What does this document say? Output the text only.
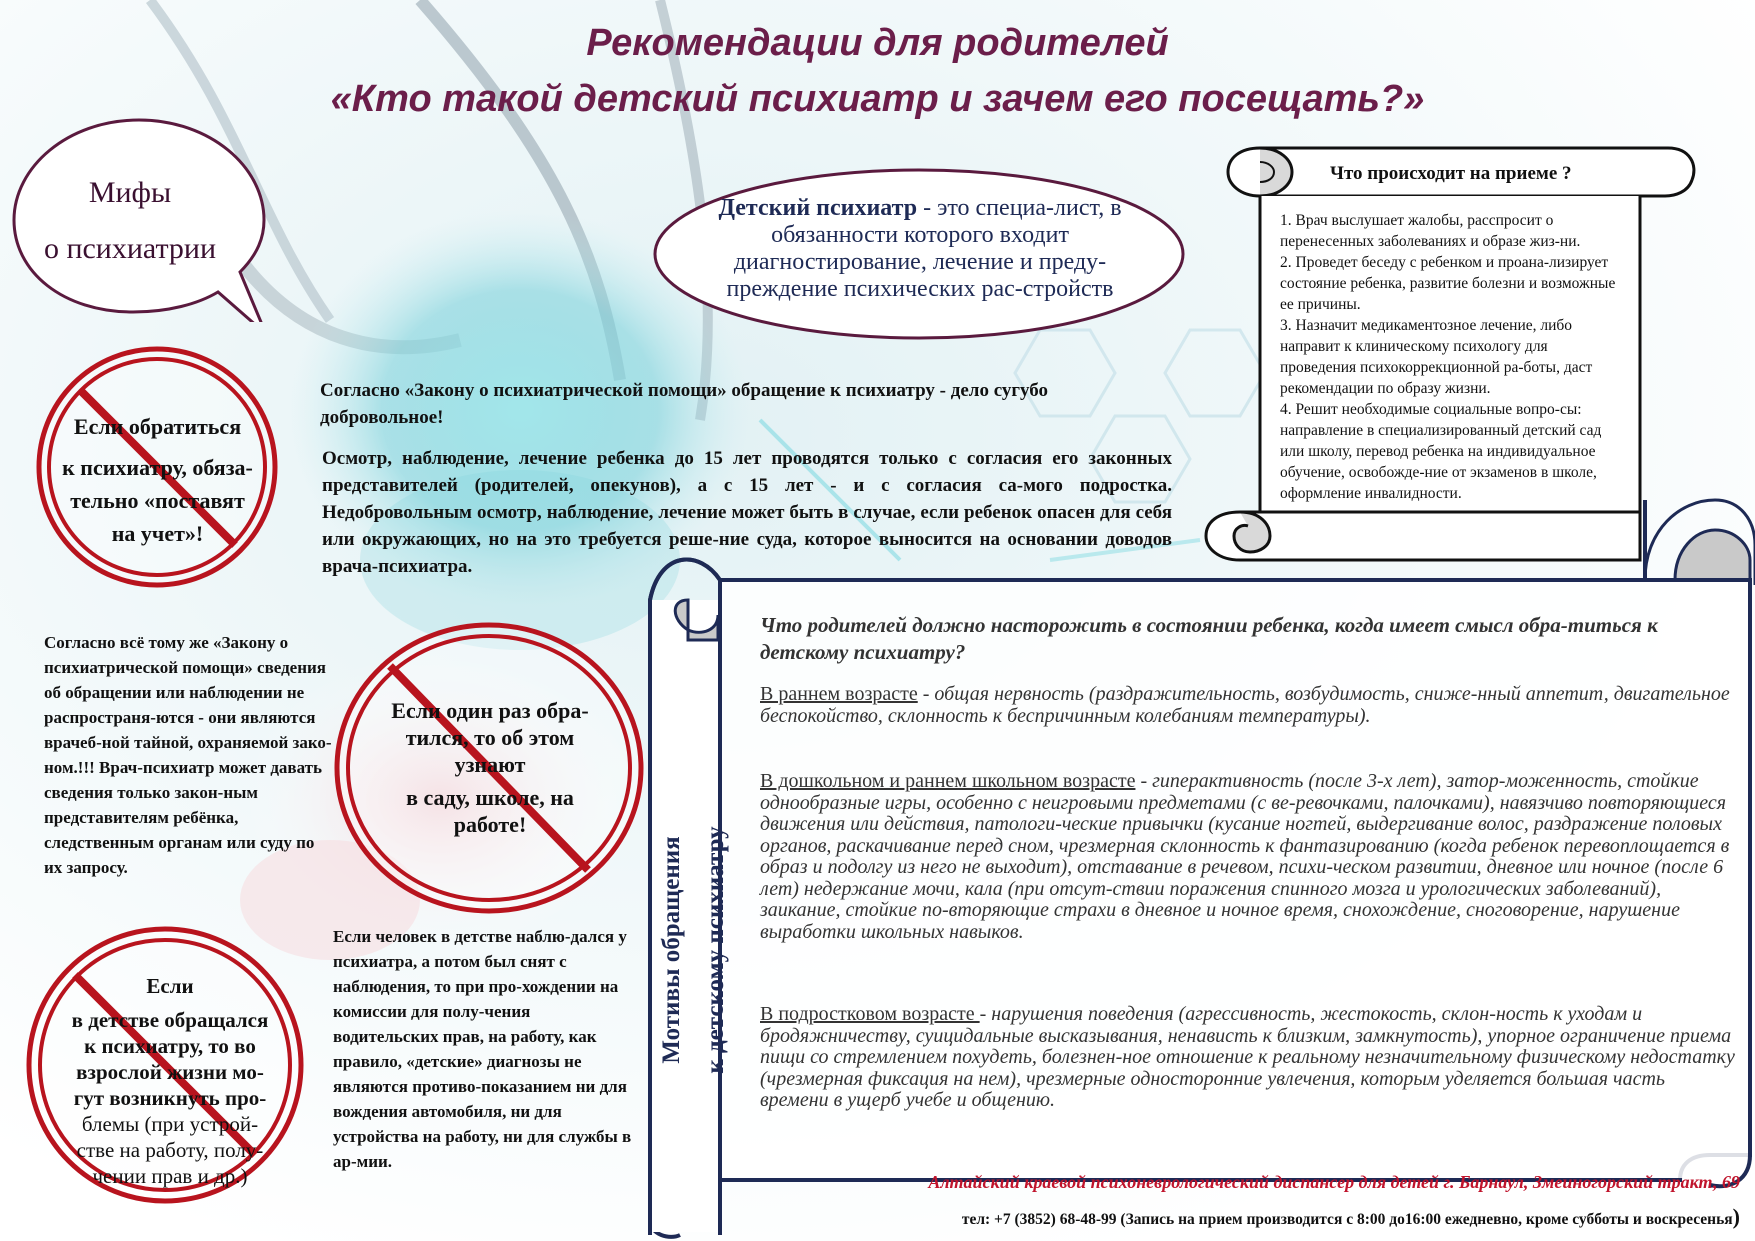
Рекомендации для родителей
«Кто такой детский психиатр и зачем его посещать?»
Мифы
о психиатрии
Детский психиатр - это специа-лист, в обязанности которого входит диагностирование, лечение и преду-преждение психических рас-стройств
Согласно «Закону о психиатрической помощи» обращение к психиатру - дело сугубо добровольное!
Осмотр, наблюдение, лечение ребенка до 15 лет проводятся только с согласия его законных представителей (родителей, опекунов), а с 15 лет - и с согласия са-мого подростка. Недобровольным осмотр, наблюдение, лечение может быть в случае, если ребенок опасен для себя или окружающих, но на это требуется реше-ние суда, которое выносится на основании доводов врача-психиатра.
Если обратиться
к психиатру, обяза-
тельно «поставят
на учет»!
Согласно всё тому же «Закону о психиатрической помощи» сведения об обращении или наблюдении не распространя-ются - они являются врачеб-ной тайной, охраняемой зако-ном.!!! Врач-психиатр может давать сведения только закон-ным представителям ребёнка, следственным органам или суду по их запросу.
Если один раз обра-
тился, то об этом
узнают
в саду, школе, на
работе!
Если человек в детстве наблю-дался у психиатра, а потом был снят с наблюдения, то при про-хождении на комиссии для полу-чения водительских прав, на работу, как правило, «детские» диагнозы не являются противо-показанием ни для вождения автомобиля, ни для устройства на работу, ни для службы в ар-мии.
Если
в детстве обращался
к психиатру, то во
взрослой жизни мо-
гут возникнуть про-
блемы (при устрой-
стве на работу, полу-
чении прав и др.)
Что происходит на приеме ?
1. Врач выслушает жалобы, расспросит о перенесенных заболеваниях и образе жиз-ни.
2. Проведет беседу с ребенком и проана-лизирует состояние ребенка, развитие болезни и возможные ее причины.
3. Назначит медикаментозное лечение, либо направит к клиническому психологу для проведения психокоррекционной ра-боты, даст рекомендации по образу жизни.
4. Решит необходимые социальные вопро-сы: направление в специализированный детский сад или школу, перевод ребенка на индивидуальное обучение, освобожде-ние от экзаменов в школе, оформление инвалидности.
Мотивы обращения к детскому психиатру
Что родителей должно насторожить в состоянии ребенка, когда имеет смысл обра-титься к детскому психиатру?
В раннем возрасте - общая нервность (раздражительность, возбудимость, сниже-нный аппетит, двигательное беспокойство, склонность к беспричинным колебаниям температуры).
В дошкольном и раннем школьном возрасте - гиперактивность (после 3-х лет), затор-моженность, стойкие однообразные игры, особенно с неигровыми предметами (с ве-ревочками, палочками), навязчиво повторяющиеся движения или действия, патологи-ческие привычки (кусание ногтей, выдергивание волос, раздражение половых органов, раскачивание перед сном, чрезмерная склонность к фантазированию (когда ребенок перевоплощается в образ и подолгу из него не выходит), отставание в речевом, психи-ческом развитии, дневное или ночное (после 6 лет) недержание мочи, кала (при отсут-ствии поражения спинного мозга и урологических заболеваний), заикание, стойкие по-вторяющие страхи в дневное и ночное время, снохождение, сноговорение, нарушение выработки школьных навыков.
В подростковом возрасте - нарушения поведения (агрессивность, жестокость, склон-ность к уходам и бродяжничеству, суицидальные высказывания, ненависть к близким, замкнутость), упорное ограничение приема пищи со стремлением похудеть, болезнен-ное отношение к реальному незначительному физическому недостатку (чрезмерная фиксация на нем), чрезмерные односторонние увлечения, которым уделяется большая часть времени в ущерб учебе и общению.
Алтайский краевой психоневрологический диспансер для детей г. Барнаул, Змеиногорский тракт, 69
тел: +7 (3852) 68-48-99 (Запись на прием производится с 8:00 до16:00 ежедневно, кроме субботы и воскресенья)
